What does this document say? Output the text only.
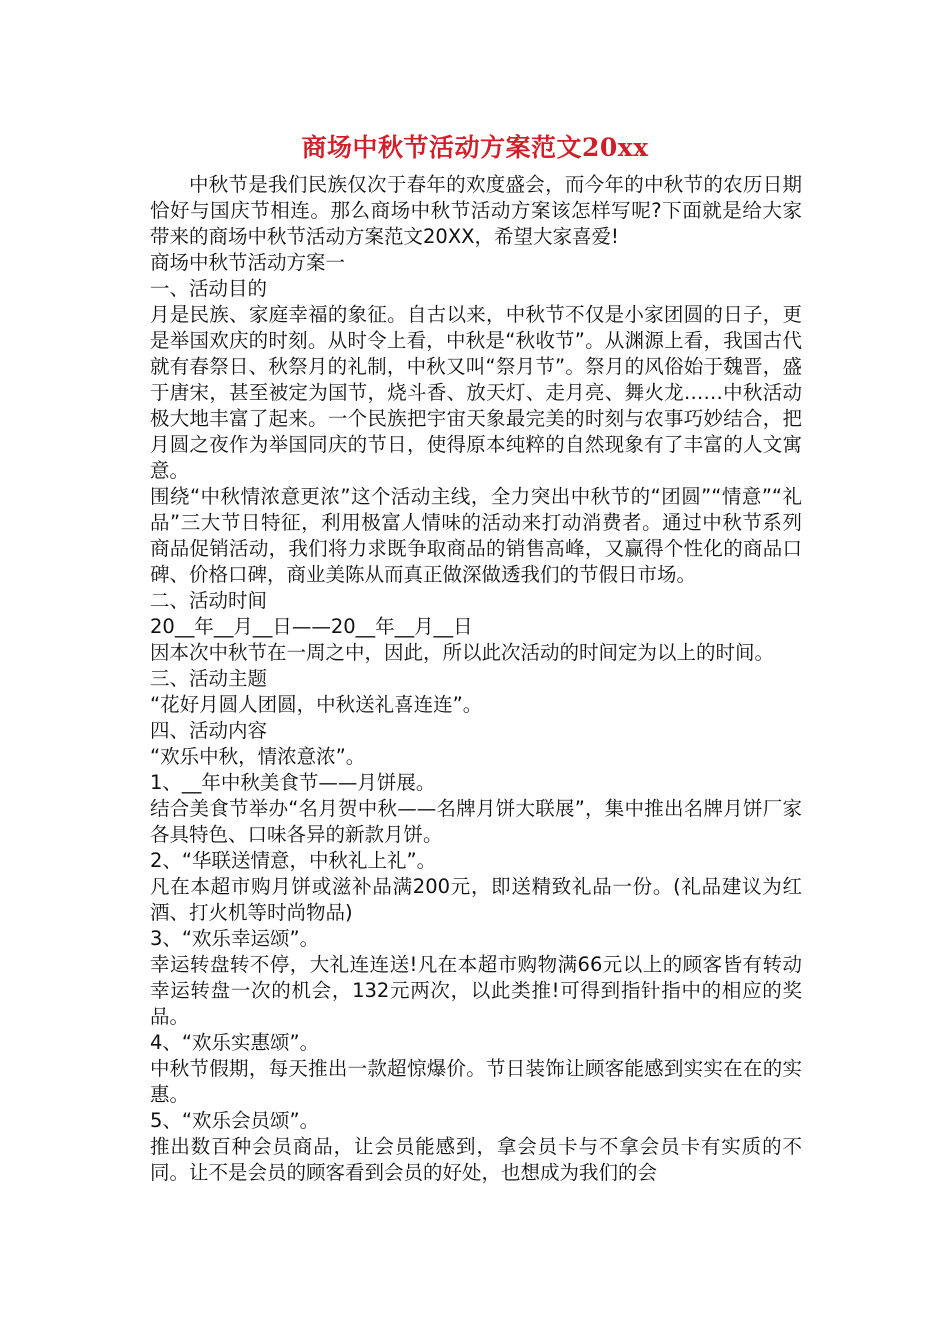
商场中秋节活动方案范文20xx

中秋节是我们民族仅次于春年的欢度盛会，而今年的中秋节的农历日期恰好与国庆节相连。那么商场中秋节活动方案该怎样写呢?下面就是给大家带来的商场中秋节活动方案范文20XX，希望大家喜爱!

商场中秋节活动方案一

一、活动目的

月是民族、家庭幸福的象征。自古以来，中秋节不仅是小家团圆的日子，更是举国欢庆的时刻。从时令上看，中秋是“秋收节”。从渊源上看，我国古代就有春祭日、秋祭月的礼制，中秋又叫“祭月节”。祭月的风俗始于魏晋，盛于唐宋，甚至被定为国节，烧斗香、放天灯、走月亮、舞火龙……中秋活动极大地丰富了起来。一个民族把宇宙天象最完美的时刻与农事巧妙结合，把月圆之夜作为举国同庆的节日，使得原本纯粹的自然现象有了丰富的人文寓意。

围绕“中秋情浓意更浓”这个活动主线，全力突出中秋节的“团圆”“情意”“礼品”三大节日特征，利用极富人情味的活动来打动消费者。通过中秋节系列商品促销活动，我们将力求既争取商品的销售高峰，又赢得个性化的商品口碑、价格口碑，商业美陈从而真正做深做透我们的节假日市场。

二、活动时间

20__年__月__日——20__年__月__日

因本次中秋节在一周之中，因此，所以此次活动的时间定为以上的时间。

三、活动主题

“花好月圆人团圆，中秋送礼喜连连”。

四、活动内容

“欢乐中秋，情浓意浓”。

1、__年中秋美食节——月饼展。

结合美食节举办“名月贺中秋——名牌月饼大联展”，集中推出名牌月饼厂家各具特色、口味各异的新款月饼。

2、“华联送情意，中秋礼上礼”。

凡在本超市购月饼或滋补品满200元，即送精致礼品一份。(礼品建议为红酒、打火机等时尚物品)

3、“欢乐幸运颂”。

幸运转盘转不停，大礼连连送!凡在本超市购物满66元以上的顾客皆有转动幸运转盘一次的机会，132元两次，以此类推!可得到指针指中的相应的奖品。

4、“欢乐实惠颂”。

中秋节假期，每天推出一款超惊爆价。节日装饰让顾客能感到实实在在的实惠。

5、“欢乐会员颂”。

推出数百种会员商品，让会员能感到，拿会员卡与不拿会员卡有实质的不同。让不是会员的顾客看到会员的好处，也想成为我们的会
